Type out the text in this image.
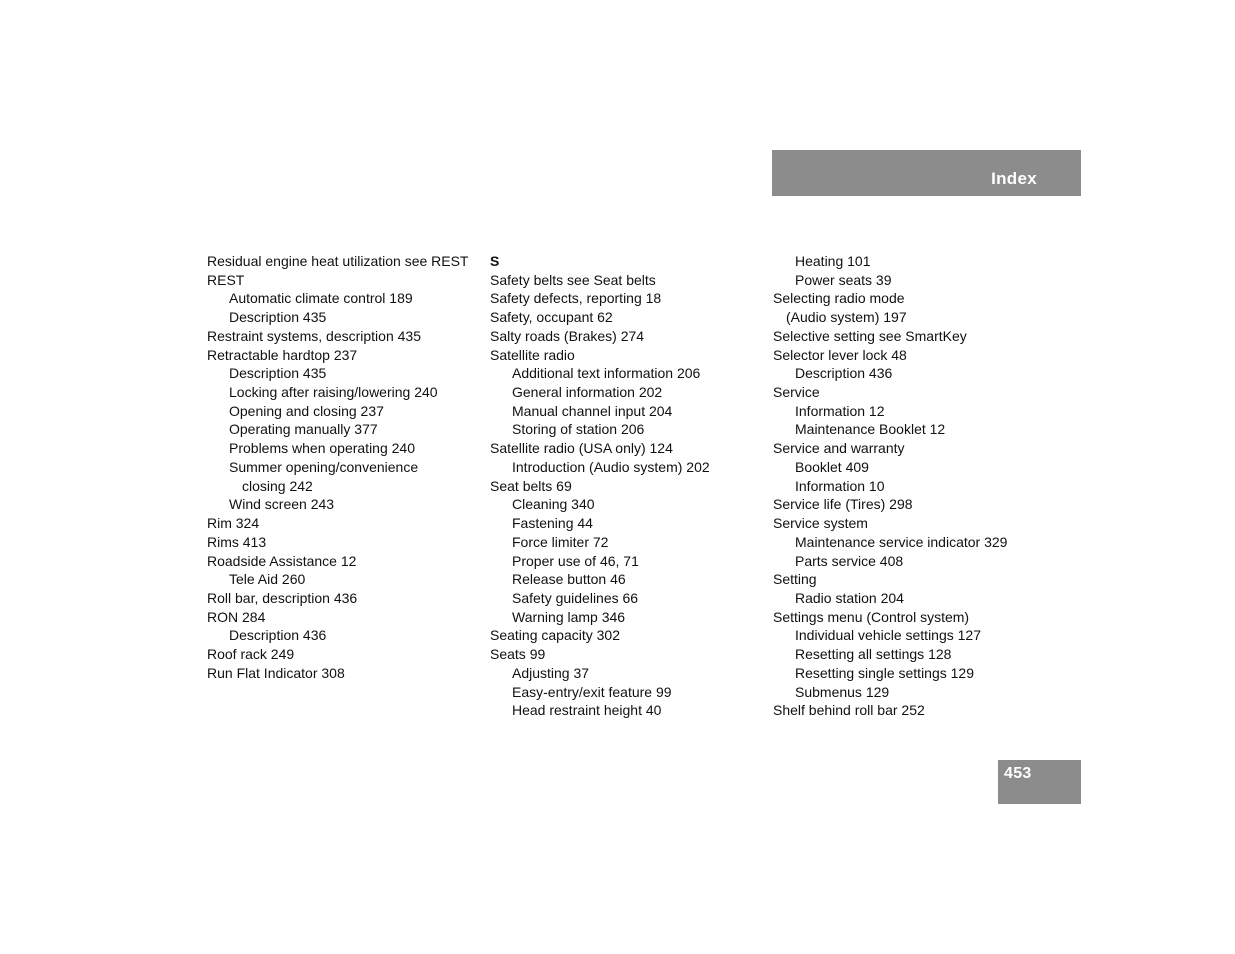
Index
Residual engine heat utilization see REST
REST
Automatic climate control 189
Description 435
Restraint systems, description 435
Retractable hardtop 237
Description 435
Locking after raising/lowering 240
Opening and closing 237
Operating manually 377
Problems when operating 240
Summer opening/convenience
closing 242
Wind screen 243
Rim 324
Rims 413
Roadside Assistance 12
Tele Aid 260
Roll bar, description 436
RON 284
Description 436
Roof rack 249
Run Flat Indicator 308
S
Safety belts see Seat belts
Safety defects, reporting 18
Safety, occupant 62
Salty roads (Brakes) 274
Satellite radio
Additional text information 206
General information 202
Manual channel input 204
Storing of station 206
Satellite radio (USA only) 124
Introduction (Audio system) 202
Seat belts 69
Cleaning 340
Fastening 44
Force limiter 72
Proper use of 46, 71
Release button 46
Safety guidelines 66
Warning lamp 346
Seating capacity 302
Seats 99
Adjusting 37
Easy-entry/exit feature 99
Head restraint height 40
Heating 101
Power seats 39
Selecting radio mode
(Audio system) 197
Selective setting see SmartKey
Selector lever lock 48
Description 436
Service
Information 12
Maintenance Booklet 12
Service and warranty
Booklet 409
Information 10
Service life (Tires) 298
Service system
Maintenance service indicator 329
Parts service 408
Setting
Radio station 204
Settings menu (Control system)
Individual vehicle settings 127
Resetting all settings 128
Resetting single settings 129
Submenus 129
Shelf behind roll bar 252
453
